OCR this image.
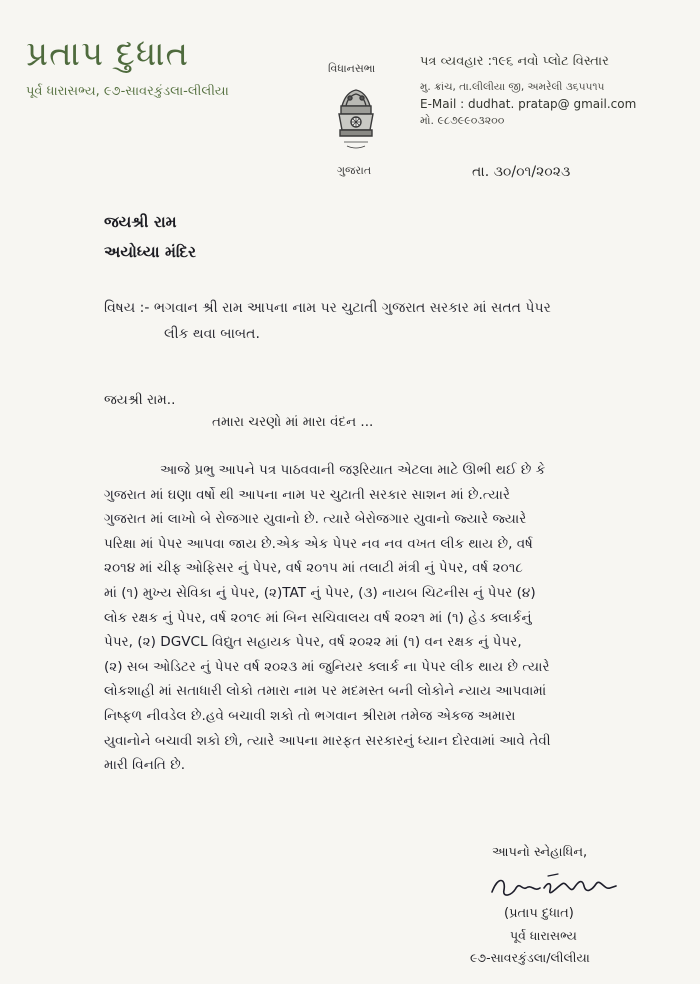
પ્રતાપ દુધાત
પૂર્વ ધારાસભ્ય, ૯૭-સાવરકુંડલા-લીલીયા
વિધાનસભા
ગુજરાત
પત્ર વ્યવહાર :૧૯૬ નવો પ્લોટ વિસ્તાર
મુ. ક્રાંચ, તા.લીલીયા જી, અમરેલી ૩૬૫૫૧૫
E-Mail : dudhat. pratap@ gmail.com
મો. ૯૮૭૯૯૦૩૨૦૦
તા. ૩૦/૦૧/૨૦૨૩
જયશ્રી રામ
અયોધ્યા મંદિર
વિષય :- ભગવાન શ્રી રામ આપના નામ પર ચુટાતી ગુજરાત સરકાર માં સતત પેપર
લીક થવા બાબત.
જયશ્રી રામ..
તમારા ચરણો માં મારા વંદન ...
આજે પ્રભુ આપને પત્ર પાઠવવાની જરૂરિયાત એટલા માટે ઊભી થઈ છે કે
ગુજરાત માં ઘણા વર્ષો થી આપના નામ પર ચુટાતી સરકાર સાશન માં છે.ત્યારે
ગુજરાત માં લાખો બે રોજગાર યુવાનો છે. ત્યારે બેરોજગાર યુવાનો જ્યારે જ્યારે
પરિક્ષા માં પેપર આપવા જાય છે.એક એક પેપર નવ નવ વખત લીક થાય છે, વર્ષ
૨૦૧૪ માં ચીફ ઓફિસર નું પેપર, વર્ષ ૨૦૧૫ માં તલાટી મંત્રી નું પેપર, વર્ષ ૨૦૧૮
માં (૧) મુખ્ય સેવિકા નું પેપર, (૨)TAT નું પેપર, (૩) નાયબ ચિટનીસ નું પેપર (૪)
લોક રક્ષક નું પેપર, વર્ષ ૨૦૧૯ માં બિન સચિવાલય વર્ષ ૨૦૨૧ માં (૧) હેડ ક્લાર્કનું
પેપર, (૨) DGVCL વિદ્યુત સહાયક પેપર, વર્ષ ૨૦૨૨ માં (૧) વન રક્ષક નું પેપર,
(૨) સબ ઓડિટર નું પેપર વર્ષ ૨૦૨૩ માં જુનિયર ક્લાર્ક ના પેપર લીક થાય છે ત્યારે
લોકશાહી માં સતાધારી લોકો તમારા નામ પર મદમસ્ત બની લોકોને ન્યાય આપવામાં
નિષ્ફળ નીવડેલ છે.હવે બચાવી શકો તો ભગવાન શ્રીરામ તમેજ એકજ અમારા
યુવાનોને બચાવી શકો છો, ત્યારે આપના મારફત સરકારનું ધ્યાન દોરવામાં આવે તેવી
મારી વિનતિ છે.
આપનો સ્નેહાધિન,
(પ્રતાપ દુધાત)
પૂર્વ ધારાસભ્ય
૯૭-સાવરકુંડલા/લીલીયા
